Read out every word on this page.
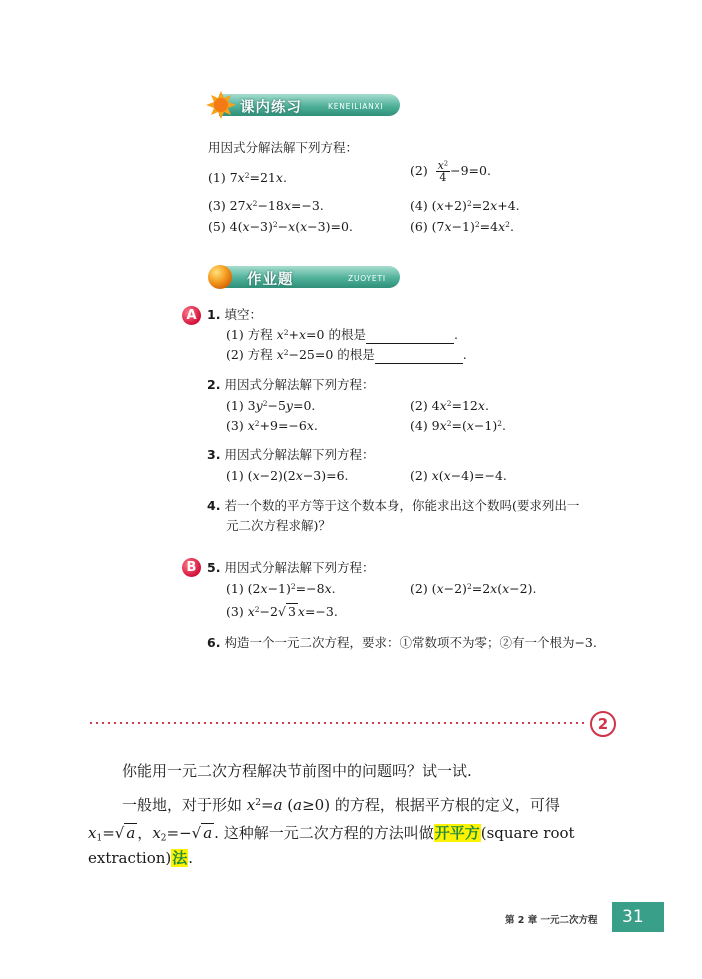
课内练习	KENEILIANXI
用因式分解法解下列方程：
(1) $7x^2=21x$.	$(2) \frac{x^2}{4} -9=0$.
(3) $27x^2-18x=-3$.	(4) $(x+2)^2=2x+4$.
(5) $4(x-3)^2-x(x-3)=0$.	(6) $(7x-1)^2=4x^2$.
作业题	ZUOYETI
A 1. 填空：
(1) 方程 $x^2+x=0$ 的根是	.
(2) 方程 $x^2-25=0$ 的根是	.
2. 用因式分解法解下列方程：
(1) $3y^2-5y=0$.	(2) $4x^2=12x$.
(3) $x^2+9=-6x$.	(4) $9x^2=(x-1)^2$.
3. 用因式分解法解下列方程：
(1) (x−2)(2x−3)=6.	(2) x(x−4)=−4.
4. 若一个数的平方等于这个数本身，你能求出这个数吗(要求列出一
元二次方程求解)？
B 5. 用因式分解法解下列方程：
(1) $(2x-1)^2=-8x$.	(2) $(x-2)^2=2x(x-2)$.
(3) $x^2-2√$ 3 x=−3.
6. 构造一个一元二次方程，要求：①常数项不为零；②有一个根为−3.
2
你能用一元二次方程解决节前图中的问题吗？试一试.
一般地，对于形如 $x^2=a$ (a≥0) 的方程，根据平方根的定义，可得
$x_1=√$ a ，$x_2=-√$ a . 这种解一元二次方程的方法叫做开平方(square root
extraction)法.
第 2 章 一元二次方程	31
